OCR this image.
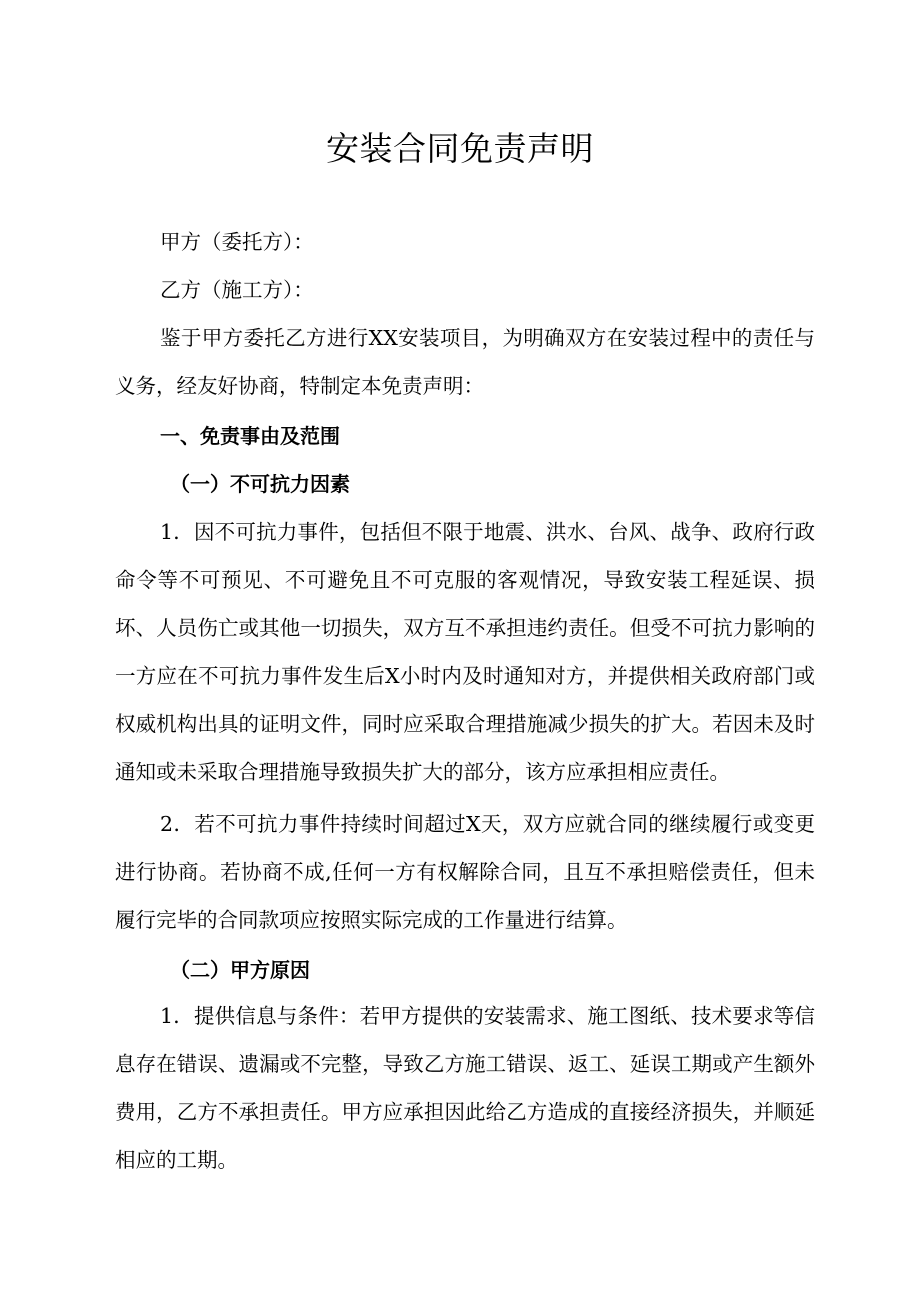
安装合同免责声明
甲方（委托方）：
乙方（施工方）：

鉴于甲方委托乙方进行XX安装项目，为明确双方在安装过程中的责任与义务，经友好协商，特制定本免责声明：

一、免责事由及范围
（一）不可抗力因素

1．因不可抗力事件，包括但不限于地震、洪水、台风、战争、政府行政命令等不可预见、不可避免且不可克服的客观情况，导致安装工程延误、损坏、人员伤亡或其他一切损失，双方互不承担违约责任。但受不可抗力影响的一方应在不可抗力事件发生后X小时内及时通知对方，并提供相关政府部门或权威机构出具的证明文件，同时应采取合理措施减少损失的扩大。若因未及时通知或未采取合理措施导致损失扩大的部分，该方应承担相应责任。

2．若不可抗力事件持续时间超过X天，双方应就合同的继续履行或变更进行协商。若协商不成,任何一方有权解除合同，且互不承担赔偿责任，但未履行完毕的合同款项应按照实际完成的工作量进行结算。

（二）甲方原因

1．提供信息与条件：若甲方提供的安装需求、施工图纸、技术要求等信息存在错误、遗漏或不完整，导致乙方施工错误、返工、延误工期或产生额外费用，乙方不承担责任。甲方应承担因此给乙方造成的直接经济损失，并顺延相应的工期。
